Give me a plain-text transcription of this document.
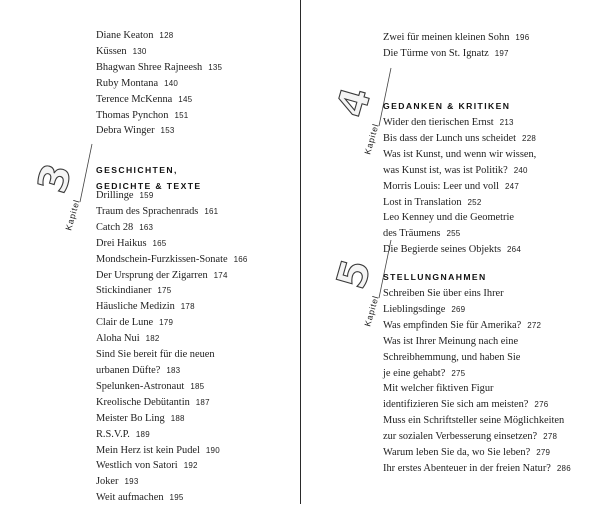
Diane Keaton 128
Küssen 130
Bhagwan Shree Rajneesh 135
Ruby Montana 140
Terence McKenna 145
Thomas Pynchon 151
Debra Winger 153
3
Kapitel
GESCHICHTEN,
GEDICHTE & TEXTE
Drillinge 159
Traum des Sprachenrads 161
Catch 28 163
Drei Haikus 165
Mondschein-Furzkissen-Sonate 166
Der Ursprung der Zigarren 174
Stickindianer 175
Häusliche Medizin 178
Clair de Lune 179
Aloha Nui 182
Sind Sie bereit für die neuen
urbanen Düfte? 183
Spelunken-Astronaut 185
Kreolische Debütantin 187
Meister Bo Ling 188
R.S.V.P. 189
Mein Herz ist kein Pudel 190
Westlich von Satori 192
Joker 193
Weit aufmachen 195
Zwei für meinen kleinen Sohn 196
Die Türme von St. Ignatz 197
4
Kapitel
GEDANKEN & KRITIKEN
Wider den tierischen Ernst 213
Bis dass der Lunch uns scheidet 228
Was ist Kunst, und wenn wir wissen,
was Kunst ist, was ist Politik? 240
Morris Louis: Leer und voll 247
Lost in Translation 252
Leo Kenney und die Geometrie
des Träumens 255
Die Begierde seines Objekts 264
5
Kapitel
STELLUNGNAHMEN
Schreiben Sie über eins Ihrer
Lieblingsdinge 269
Was empfinden Sie für Amerika? 272
Was ist Ihrer Meinung nach eine
Schreibhemmung, und haben Sie
je eine gehabt? 275
Mit welcher fiktiven Figur
identifizieren Sie sich am meisten? 276
Muss ein Schriftsteller seine Möglichkeiten
zur sozialen Verbesserung einsetzen? 278
Warum leben Sie da, wo Sie leben? 279
Ihr erstes Abenteuer in der freien Natur? 286
